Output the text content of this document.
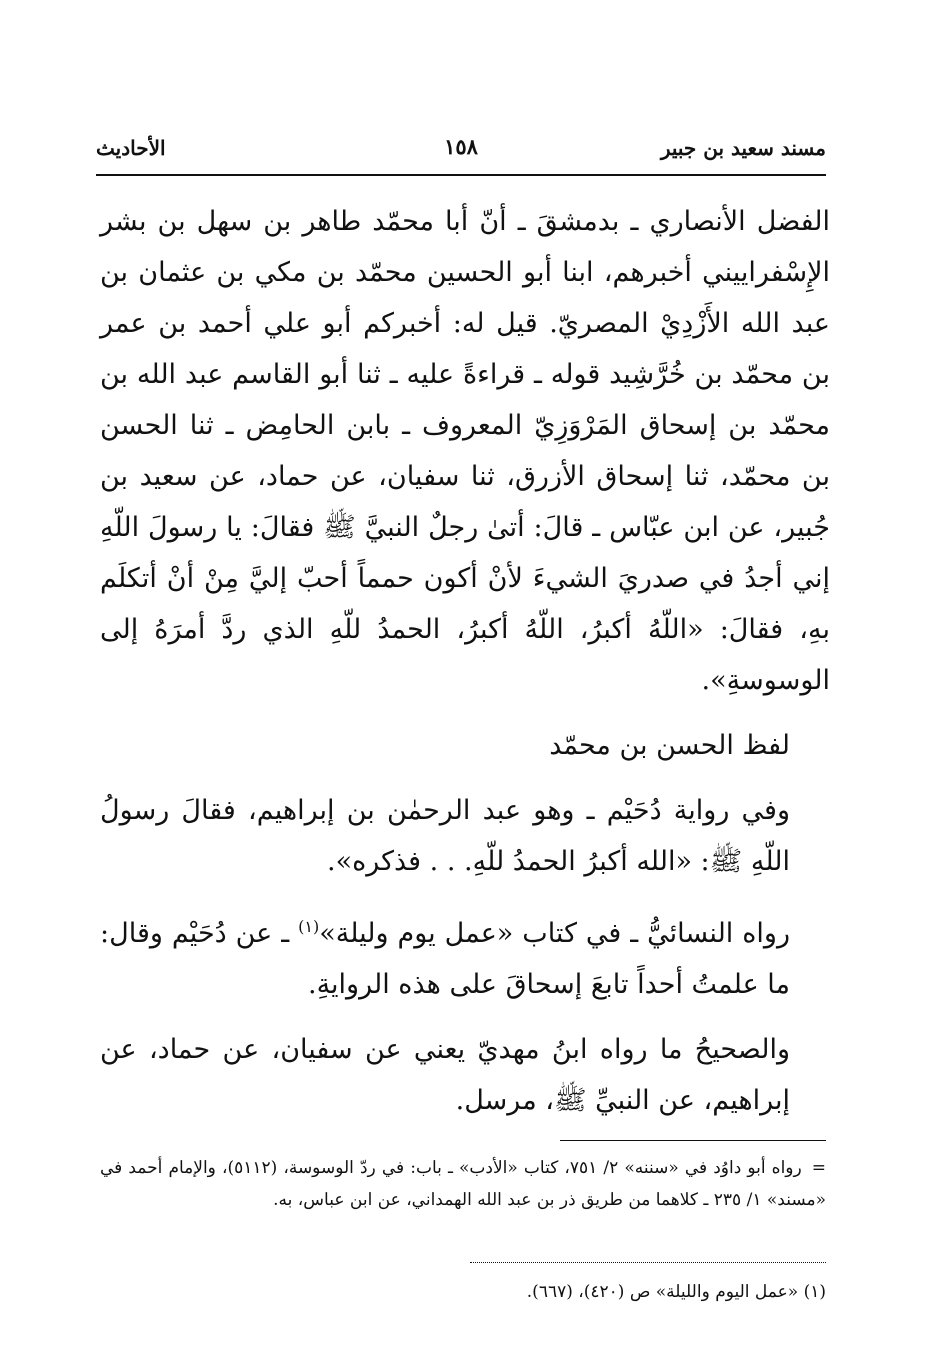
مسند سعيد بن جبير
١٥٨
الأحاديث

الفضل الأنصاري ـ بدمشقَ ـ أنّ أبا محمّد طاهر بن سهل بن بشر الإِسْفراييني أخبرهم، ابنا أبو الحسين محمّد بن مكي بن عثمان بن عبد الله الأَزْدِيْ المصريّ. قيل له: أخبركم أبو علي أحمد بن عمر بن محمّد بن خُرَّشِيد قوله ـ قراءةً عليه ـ ثنا أبو القاسم عبد الله بن محمّد بن إسحاق المَرْوَزِيّ المعروف ـ بابن الحامِض ـ ثنا الحسن بن محمّد، ثنا إسحاق الأزرق، ثنا سفيان، عن حماد، عن سعيد بن جُبير، عن ابن عبّاس ـ قالَ: أتىٰ رجلٌ النبيَّ ﷺ فقالَ: يا رسولَ اللّهِ إني أجدُ في صدريَ الشيءَ لأنْ أكون حمماً أحبّ إليَّ مِنْ أنْ أتكلَم بهِ، فقالَ: «اللّهُ أكبرُ، اللّهُ أكبرُ، الحمدُ للّهِ الذي ردَّ أمرَهُ إلى الوسوسةِ».

لفظ الحسن بن محمّد

وفي رواية دُحَيْم ـ وهو عبد الرحمٰن بن إبراهيم، فقالَ رسولُ اللّهِ ﷺ: «الله أكبرُ الحمدُ للّهِ. . . فذكره».

رواه النسائيُّ ـ في كتاب «عمل يوم وليلة»$^{(١)}$ ـ عن دُحَيْم وقال: ما علمتُ أحداً تابعَ إسحاقَ على هذه الروايةِ.

والصحيحُ ما رواه ابنُ مهديّ يعني عن سفيان، عن حماد، عن إبراهيم، عن النبيِّ ﷺ، مرسل.

=رواه أبو داوُد في «سننه» ٢/ ٧٥١، كتاب «الأدب» ـ باب: في ردّ الوسوسة، (٥١١٢)، والإمام أحمد في «مسند» ١/ ٢٣٥ ـ كلاهما من طريق ذر بن عبد الله الهمداني، عن ابن عباس، به.
(١) «عمل اليوم والليلة» ص (٤٢٠)، (٦٦٧).
